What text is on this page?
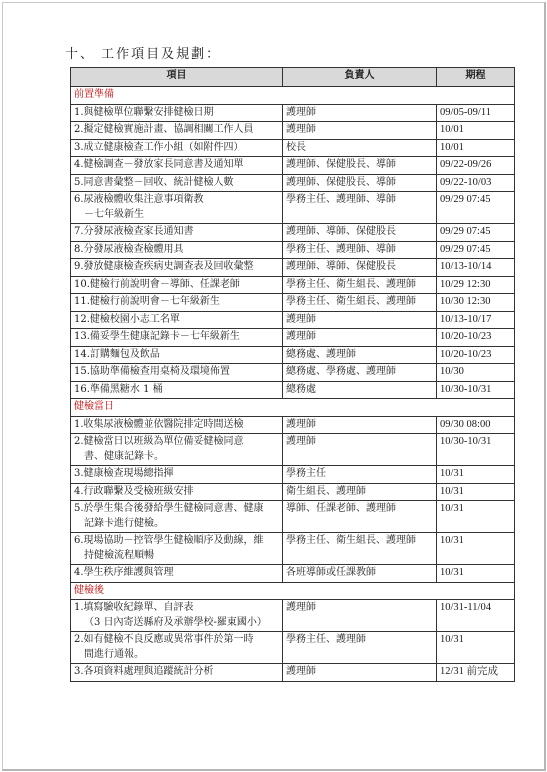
十、 工作項目及規劃：
項目	負責人	期程
前置準備		
1.與健檢單位聯繫安排健檢日期	護理師	09/05-09/11
2.擬定健檢實施計畫、協調相關工作人員	護理師	10/01
3.成立健康檢查工作小組（如附件四）	校長	10/01
4.健檢調查－發放家長同意書及通知單	護理師、保健股長、導師	09/22-09/26
5.同意書彙整－回收、統計健檢人數	護理師、保健股長、導師	09/22-10/03
6.尿液檢體收集注意事項衛教
－七年級新生	學務主任、護理師、導師	09/29 07:45
7.分發尿液檢查家長通知書	護理師、導師、保健股長	09/29 07:45
8.分發尿液檢查檢體用具	學務主任、護理師、導師	09/29 07:45
9.發放健康檢查疾病史調查表及回收彙整	護理師、導師、保健股長	10/13-10/14
10.健檢行前說明會－導師、任課老師	學務主任、衛生組長、護理師	10/29 12:30
11.健檢行前說明會－七年級新生	學務主任、衛生組長、護理師	10/30 12:30
12.健檢校園小志工名單	護理師	10/13-10/17
13.備妥學生健康記錄卡－七年級新生	護理師	10/20-10/23
14.訂購麵包及飲品	總務處、護理師	10/20-10/23
15.協助準備檢查用桌椅及環境佈置	總務處、學務處、護理師	10/30
16.準備黑糖水 1 桶	總務處	10/30-10/31
健檢當日		
1.收集尿液檢體並依醫院排定時間送檢	護理師	09/30 08:00
2.健檢當日以班級為單位備妥健檢同意
書、健康記錄卡。	護理師	10/30-10/31
3.健康檢查現場總指揮	學務主任	10/31
4.行政聯繫及受檢班級安排	衛生組長、護理師	10/31
5.於學生集合後發給學生健檢同意書、健康
記錄卡進行健檢。	導師、任課老師、護理師	10/31
6.現場協助－控管學生健檢順序及動線，維
持健檢流程順暢	學務主任、衛生組長、護理師	10/31
4.學生秩序維護與管理	各班導師或任課教師	10/31
健檢後		
1.填寫驗收紀錄單、自評表
（3 日內寄送縣府及承辦學校-羅東國小）	護理師	10/31-11/04
2.如有健檢不良反應或異常事件於第一時
間進行通報。	學務主任、護理師	10/31
3.各項資料處理與追蹤統計分析	護理師	12/31 前完成
